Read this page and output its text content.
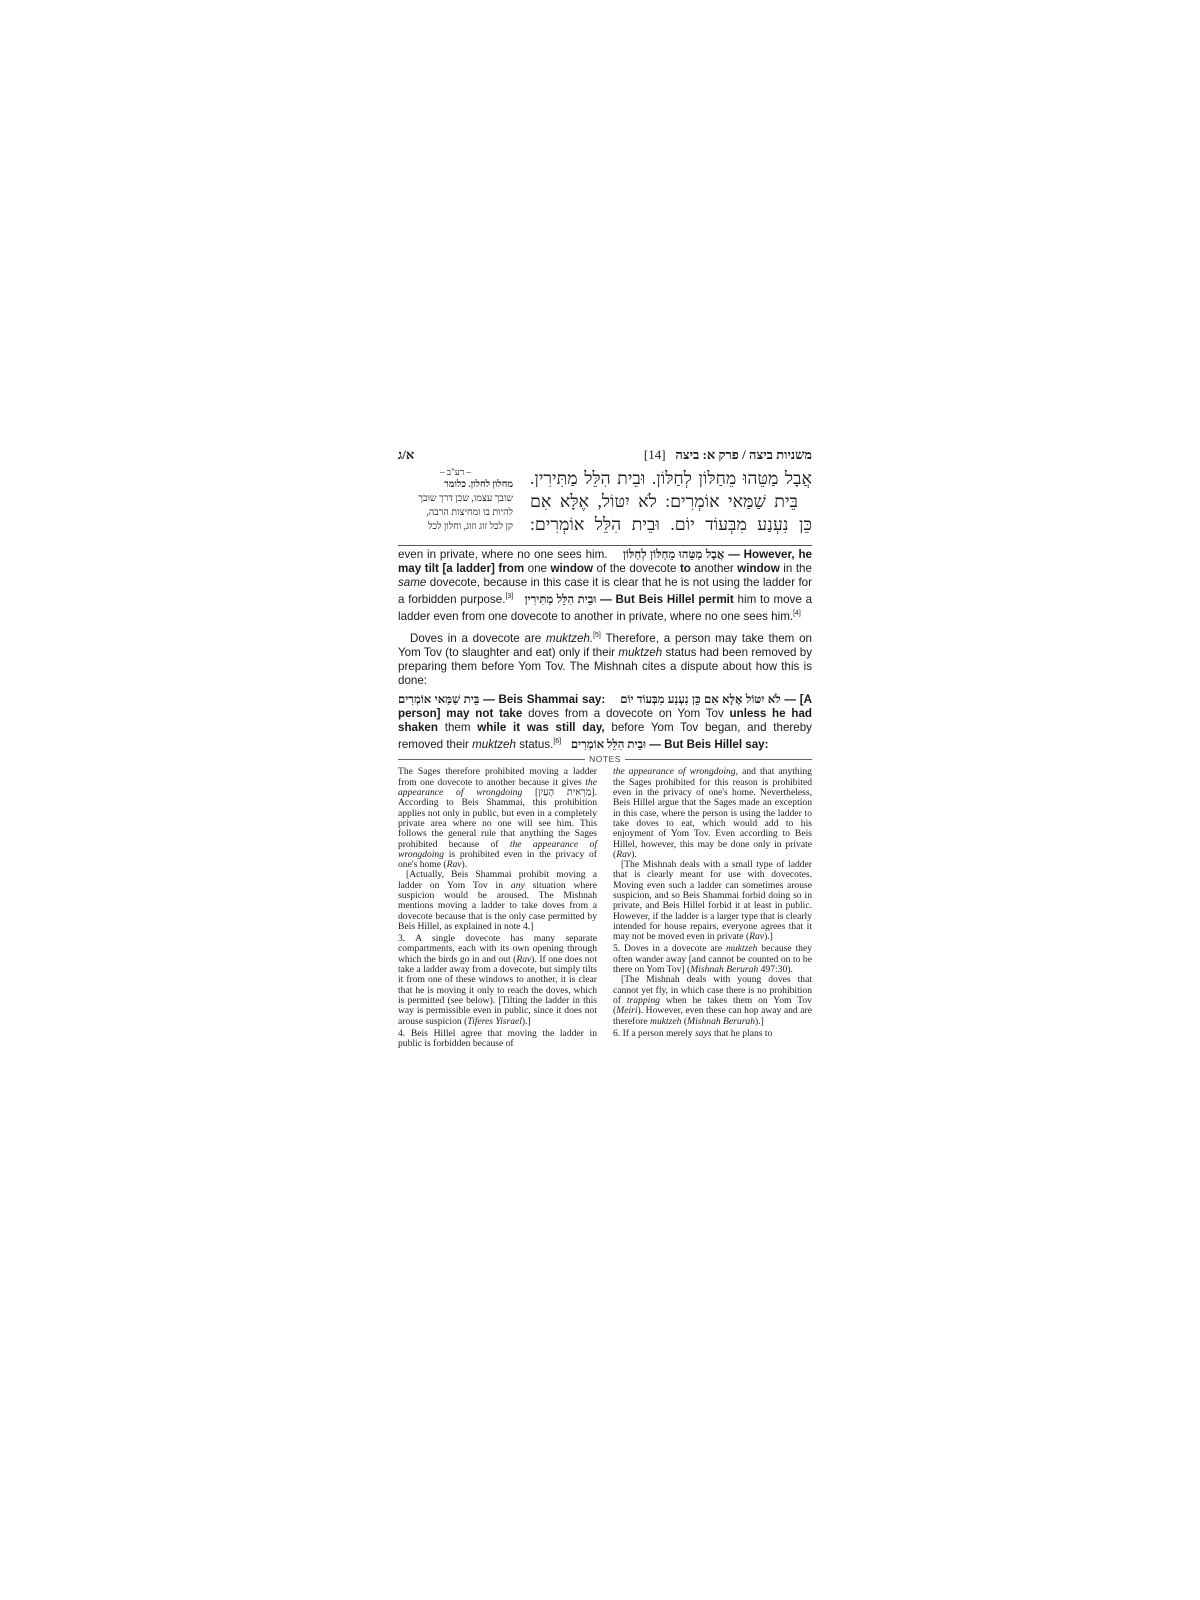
א/ג	משניות ביצה / פרק א: ביצה   [14]
אֲבָל מַטֵּהוּ מֵחַלּוֹן לְחַלּוֹן. וּבֵית הִלֵּל מַתִּירִין.
בֵּית שַׁמַּאי אוֹמְרִים: לֹא יִטּוֹל, אֶלָּא אִם
כֵּן נִעְנַע מִבְּעוֹד יוֹם. וּבֵית הִלֵּל אוֹמְרִים:
– רע"ב –
מחלון לחלון. כלומר
שובך עצמו, שכן דרך שובך
להיות בו ומחיצות הרבה,
קן לכל זוג וזוג, וחלון לכל

even in private, where no one sees him. אֲבָל מַטֵּהוּ מֵחַלּוֹן לְחַלּוֹן — However, he may tilt [a ladder] from one window of the dovecote to another window in the same dovecote, because in this case it is clear that he is not using the ladder for a forbidden purpose.[3] וּבֵית הִלֵּל מַתִּירִין — But Beis Hillel permit him to move a ladder even from one dovecote to another in private, where no one sees him.[4]

Doves in a dovecote are muktzeh.[5] Therefore, a person may take them on Yom Tov (to slaughter and eat) only if their muktzeh status had been removed by preparing them before Yom Tov. The Mishnah cites a dispute about how this is done:

בֵּית שַׁמַּאי אוֹמְרִים — Beis Shammai say: לֹא יִטּוֹל אֶלָּא אִם כֵּן נִעְנַע מִבְּעוֹד יוֹם — [A person] may not take doves from a dovecote on Yom Tov unless he had shaken them while it was still day, before Yom Tov began, and thereby removed their muktzeh status.[6] וּבֵית הִלֵּל אוֹמְרִים — But Beis Hillel say:

NOTES

The Sages therefore prohibited moving a ladder from one dovecote to another because it gives the appearance of wrongdoing [מַרְאִית הָעַיִן]. According to Beis Shammai, this prohibition applies not only in public, but even in a completely private area where no one will see him. This follows the general rule that anything the Sages prohibited because of the appearance of wrongdoing is prohibited even in the privacy of one's home (Rav).

[Actually, Beis Shammai prohibit moving a ladder on Yom Tov in any situation where suspicion would be aroused. The Mishnah mentions moving a ladder to take doves from a dovecote because that is the only case permitted by Beis Hillel, as explained in note 4.]

3. A single dovecote has many separate compartments, each with its own opening through which the birds go in and out (Rav). If one does not take a ladder away from a dovecote, but simply tilts it from one of these windows to another, it is clear that he is moving it only to reach the doves, which is permitted (see below). [Tilting the ladder in this way is permissible even in public, since it does not arouse suspicion (Tiferes Yisrael).]

4. Beis Hillel agree that moving the ladder in public is forbidden because of

the appearance of wrongdoing, and that anything the Sages prohibited for this reason is prohibited even in the privacy of one's home. Nevertheless, Beis Hillel argue that the Sages made an exception in this case, where the person is using the ladder to take doves to eat, which would add to his enjoyment of Yom Tov. Even according to Beis Hillel, however, this may be done only in private (Rav).

[The Mishnah deals with a small type of ladder that is clearly meant for use with dovecotes. Moving even such a ladder can sometimes arouse suspicion, and so Beis Shammai forbid doing so in private, and Beis Hillel forbid it at least in public. However, if the ladder is a larger type that is clearly intended for house repairs, everyone agrees that it may not be moved even in private (Rav).]

5. Doves in a dovecote are muktzeh because they often wander away [and cannot be counted on to be there on Yom Tov] (Mishnah Berurah 497:30).

[The Mishnah deals with young doves that cannot yet fly, in which case there is no prohibition of trapping when he takes them on Yom Tov (Meiri). However, even these can hop away and are therefore muktzeh (Mishnah Berurah).]

6. If a person merely says that he plans to
